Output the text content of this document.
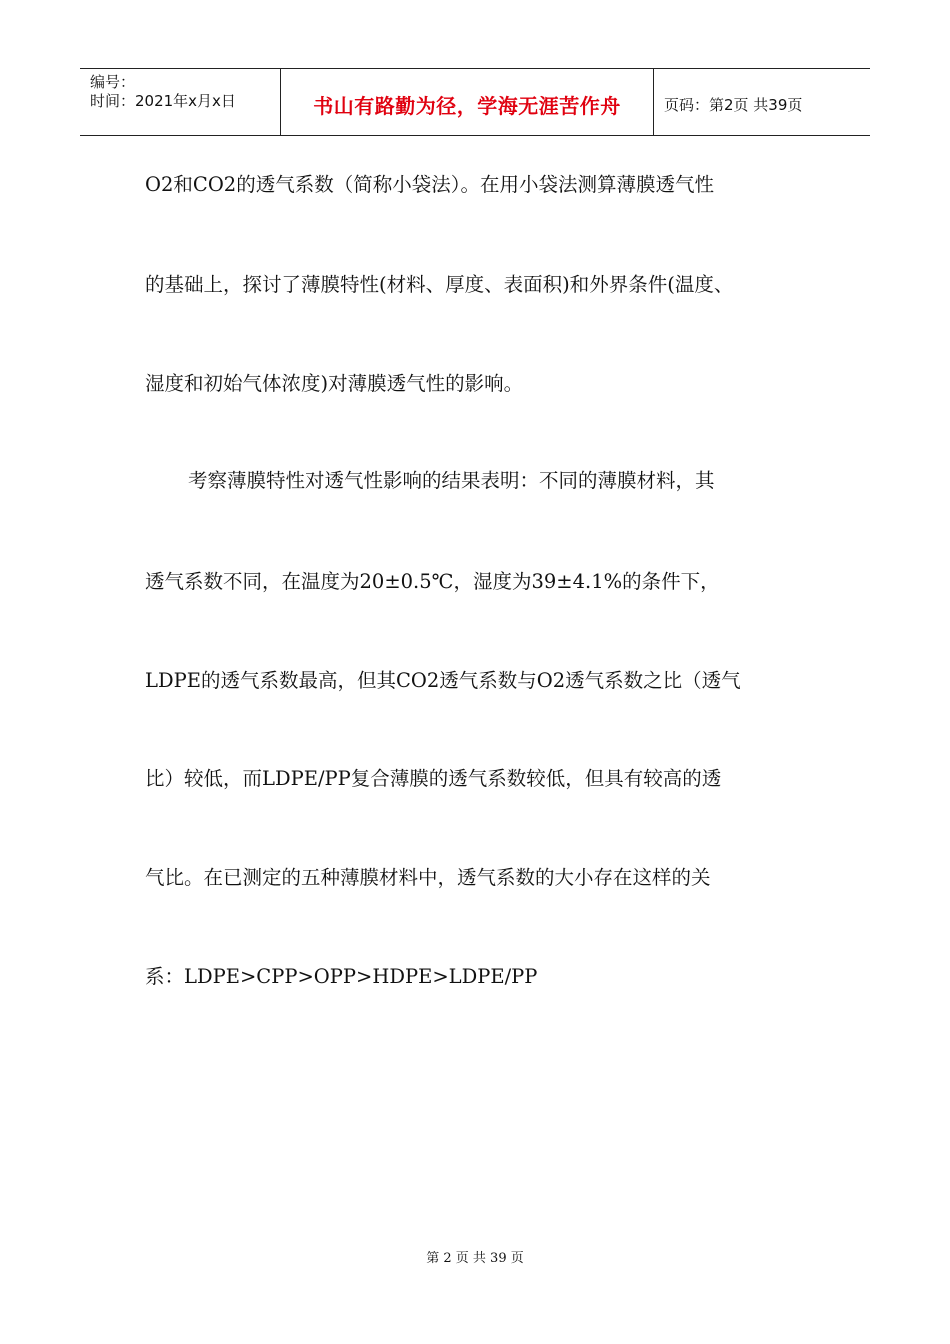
编号：
时间：2021年x月x日	书山有路勤为径，学海无涯苦作舟	页码：第2页 共39页
O2和CO2的透气系数（简称小袋法）。在用小袋法测算薄膜透气性
的基础上，探讨了薄膜特性(材料、厚度、表面积)和外界条件(温度、
湿度和初始气体浓度)对薄膜透气性的影响。
考察薄膜特性对透气性影响的结果表明：不同的薄膜材料，其
透气系数不同，在温度为20±0.5℃，湿度为39±4.1%的条件下，
LDPE的透气系数最高，但其CO2透气系数与O2透气系数之比（透气
比）较低，而LDPE/PP复合薄膜的透气系数较低，但具有较高的透
气比。在已测定的五种薄膜材料中，透气系数的大小存在这样的关
系：LDPE>CPP>OPP>HDPE>LDPE/PP
第 2 页 共 39 页
